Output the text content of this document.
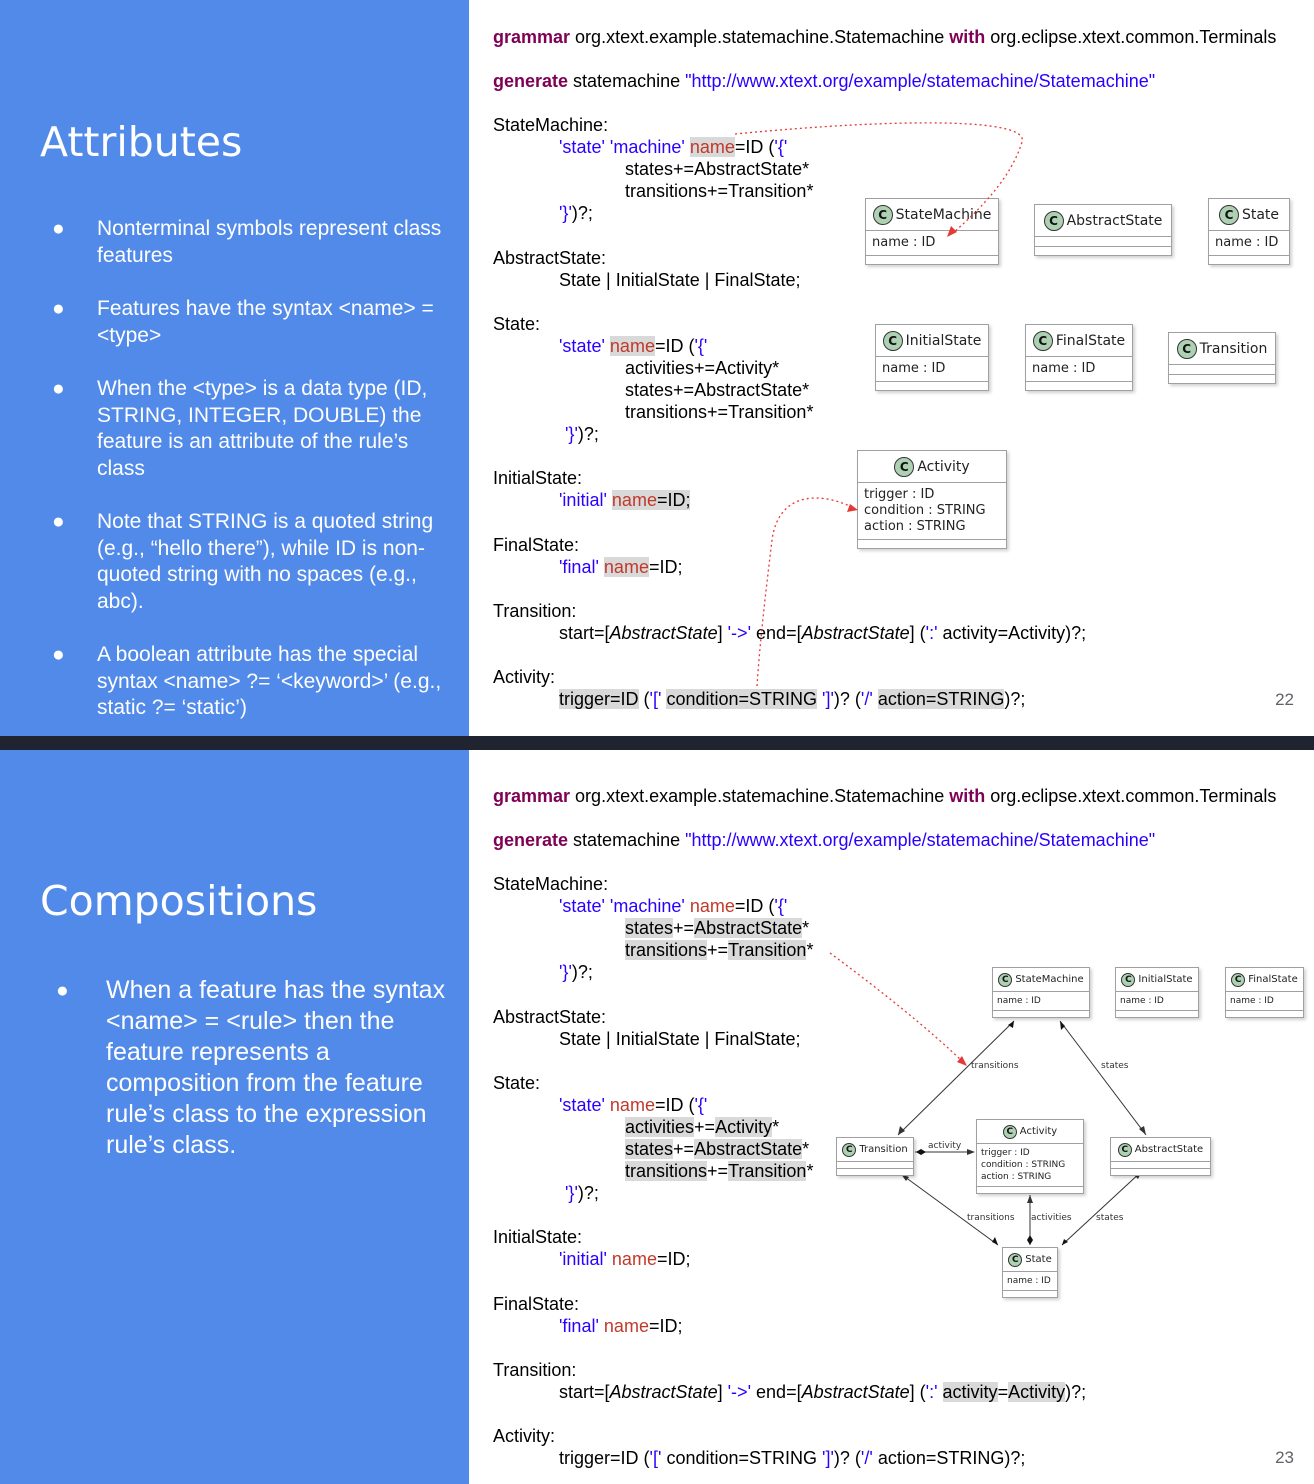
Attributes
● Nonterminal symbols represent class features
● Features have the syntax <name> = <type>
● When the <type> is a data type (ID, STRING, INTEGER, DOUBLE) the feature is an attribute of the rule’s class
● Note that STRING is a quoted string (e.g., “hello there”), while ID is non-quoted string with no spaces (e.g., abc).
● A boolean attribute has the special syntax <name> ?= ‘<keyword>’ (e.g., static ?= ‘static’)
grammar org.xtext.example.statemachine.Statemachine with org.eclipse.xtext.common.Terminals
generate statemachine "http://www.xtext.org/example/statemachine/Statemachine"
StateMachine:
'state' 'machine' name=ID ('{'
states+=AbstractState*
transitions+=Transition*
'}')?;
AbstractState:
State | InitialState | FinalState;
State:
'state' name=ID ('{'
activities+=Activity*
states+=AbstractState*
transitions+=Transition*
'}')?;
InitialState:
'initial' name=ID;
FinalState:
'final' name=ID;
Transition:
start=[AbstractState] '->' end=[AbstractState] (':' activity=Activity)?;
Activity:
trigger=ID ('[' condition=STRING ']')? ('/' action=STRING)?;
C StateMachine
name : ID
C AbstractState	C State
name : ID
C InitialState
name : ID
C FinalState
name : ID
C Transition
C Activity
trigger : ID
condition : STRING
action : STRING
22
Compositions
● When a feature has the syntax <name> = <rule> then the feature represents a composition from the feature rule’s class to the expression rule’s class.
grammar org.xtext.example.statemachine.Statemachine with org.eclipse.xtext.common.Terminals
generate statemachine "http://www.xtext.org/example/statemachine/Statemachine"
StateMachine:
'state' 'machine' name=ID ('{'
states+=AbstractState*
transitions+=Transition*
'}')?;
AbstractState:
State | InitialState | FinalState;
State:
'state' name=ID ('{'
activities+=Activity*
states+=AbstractState*
transitions+=Transition*
'}')?;
InitialState:
'initial' name=ID;
FinalState:
'final' name=ID;
Transition:
start=[AbstractState] '->' end=[AbstractState] (':' activity=Activity)?;
Activity:
trigger=ID ('[' condition=STRING ']')? ('/' action=STRING)?;
C StateMachine
name : ID
C InitialState
name : ID
C FinalState
name : ID
C Transition
C Activity
trigger : ID
condition : STRING
action : STRING
C AbstractState
C State
name : ID
transitions	states
activity
transitions activities	states
23
